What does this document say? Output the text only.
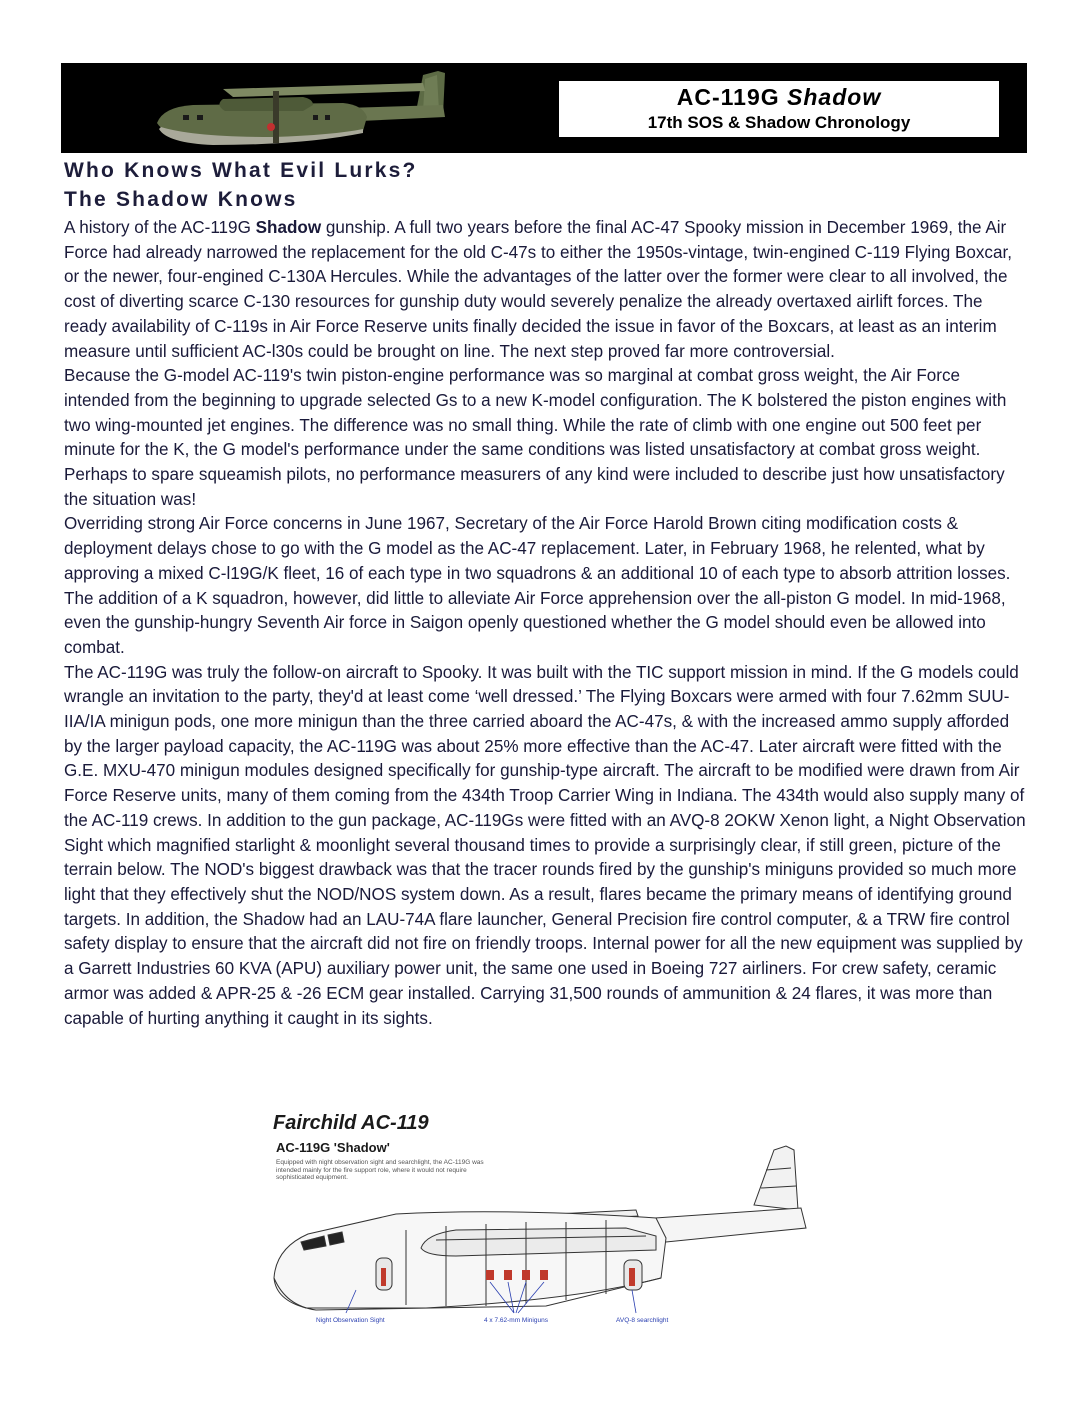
AC-119G Shadow
17th SOS & Shadow Chronology

Who Knows What Evil Lurks?

The Shadow Knows

A history of the AC-119G Shadow gunship. A full two years before the final AC-47 Spooky mission in December 1969, the Air Force had already narrowed the replacement for the old C-47s to either the 1950s-vintage, twin-engined C-119 Flying Boxcar, or the newer, four-engined C-130A Hercules. While the advantages of the latter over the former were clear to all involved, the cost of diverting scarce C-130 resources for gunship duty would severely penalize the already overtaxed airlift forces. The ready availability of C-119s in Air Force Reserve units finally decided the issue in favor of the Boxcars, at least as an interim measure until sufficient AC-l30s could be brought on line. The next step proved far more controversial.

Because the G-model AC-119's twin piston-engine performance was so marginal at combat gross weight, the Air Force intended from the beginning to upgrade selected Gs to a new K-model configuration. The K bolstered the piston engines with two wing-mounted jet engines. The difference was no small thing. While the rate of climb with one engine out 500 feet per minute for the K, the G model's performance under the same conditions was listed unsatisfactory at combat gross weight. Perhaps to spare squeamish pilots, no performance measurers of any kind were included to describe just how unsatisfactory the situation was!

Overriding strong Air Force concerns in June 1967, Secretary of the Air Force Harold Brown citing modification costs & deployment delays chose to go with the G model as the AC-47 replacement. Later, in February 1968, he relented, what by approving a mixed C-l19G/K fleet, 16 of each type in two squadrons & an additional 10 of each type to absorb attrition losses. The addition of a K squadron, however, did little to alleviate Air Force apprehension over the all-piston G model. In mid-1968, even the gunship-hungry Seventh Air force in Saigon openly questioned whether the G model should even be allowed into combat.

The AC-119G was truly the follow-on aircraft to Spooky. It was built with the TIC support mission in mind. If the G models could wrangle an invitation to the party, they'd at least come ‘well dressed.’ The Flying Boxcars were armed with four 7.62mm SUU-IIA/IA minigun pods, one more minigun than the three carried aboard the AC-47s, & with the increased ammo supply afforded by the larger payload capacity, the AC-119G was about 25% more effective than the AC-47. Later aircraft were fitted with the G.E. MXU-470 minigun modules designed specifically for gunship-type aircraft. The aircraft to be modified were drawn from Air Force Reserve units, many of them coming from the 434th Troop Carrier Wing in Indiana. The 434th would also supply many of the AC-119 crews. In addition to the gun package, AC-119Gs were fitted with an AVQ-8 2OKW Xenon light, a Night Observation Sight which magnified starlight & moonlight several thousand times to provide a surprisingly clear, if still green, picture of the terrain below. The NOD's biggest drawback was that the tracer rounds fired by the gunship's miniguns provided so much more light that they effectively shut the NOD/NOS system down. As a result, flares became the primary means of identifying ground targets. In addition, the Shadow had an LAU-74A flare launcher, General Precision fire control computer, & a TRW fire control safety display to ensure that the aircraft did not fire on friendly troops. Internal power for all the new equipment was supplied by a Garrett Industries 60 KVA (APU) auxiliary power unit, the same one used in Boeing 727 airliners. For crew safety, ceramic armor was added & APR-25 & -26 ECM gear installed. Carrying 31,500 rounds of ammunition & 24 flares, it was more than capable of hurting anything it caught in its sights.

Fairchild AC-119
AC-119G 'Shadow'
Equipped with night observation sight and searchlight, the AC-119G was intended mainly for the fire support role, where it would not require sophisticated equipment.
Night Observation Sight	4 x 7.62-mm Miniguns	AVQ-8 searchlight
